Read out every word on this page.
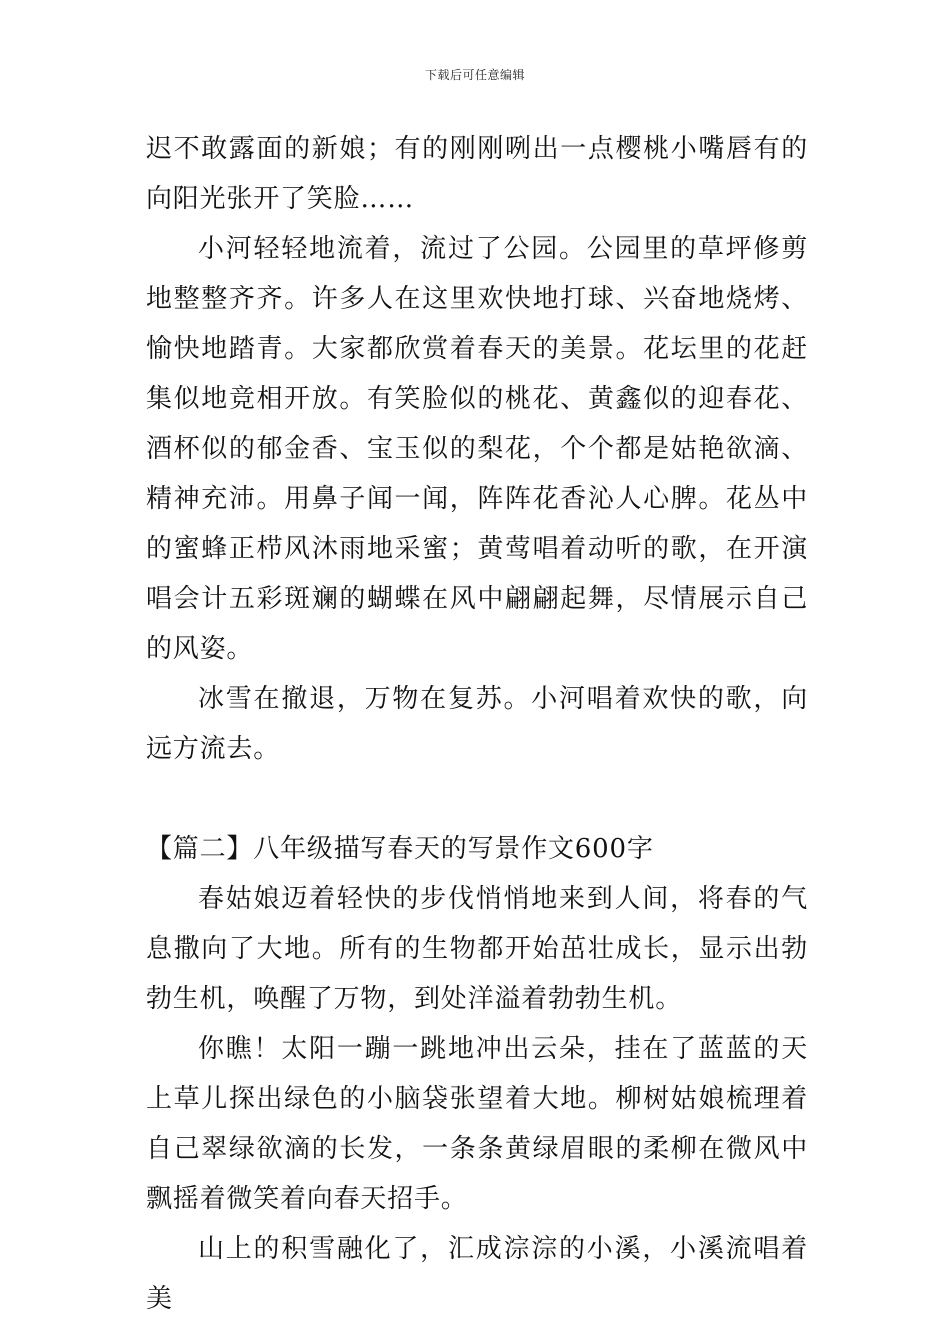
下载后可任意编辑

迟不敢露面的新娘；有的刚刚咧出一点樱桃小嘴唇有的向阳光张开了笑脸……

小河轻轻地流着，流过了公园。公园里的草坪修剪地整整齐齐。许多人在这里欢快地打球、兴奋地烧烤、愉快地踏青。大家都欣赏着春天的美景。花坛里的花赶集似地竞相开放。有笑脸似的桃花、黄鑫似的迎春花、酒杯似的郁金香、宝玉似的梨花，个个都是姑艳欲滴、精神充沛。用鼻子闻一闻，阵阵花香沁人心脾。花丛中的蜜蜂正栉风沐雨地采蜜；黄莺唱着动听的歌，在开演唱会计五彩斑斓的蝴蝶在风中翩翩起舞，尽情展示自己的风姿。

冰雪在撤退，万物在复苏。小河唱着欢快的歌，向远方流去。

【篇二】八年级描写春天的写景作文600字

春姑娘迈着轻快的步伐悄悄地来到人间，将春的气息撒向了大地。所有的生物都开始茁壮成长，显示出勃勃生机，唤醒了万物，到处洋溢着勃勃生机。

你瞧！太阳一蹦一跳地冲出云朵，挂在了蓝蓝的天上草儿探出绿色的小脑袋张望着大地。柳树姑娘梳理着自己翠绿欲滴的长发，一条条黄绿眉眼的柔柳在微风中飘摇着微笑着向春天招手。

山上的积雪融化了，汇成淙淙的小溪，小溪流唱着美
